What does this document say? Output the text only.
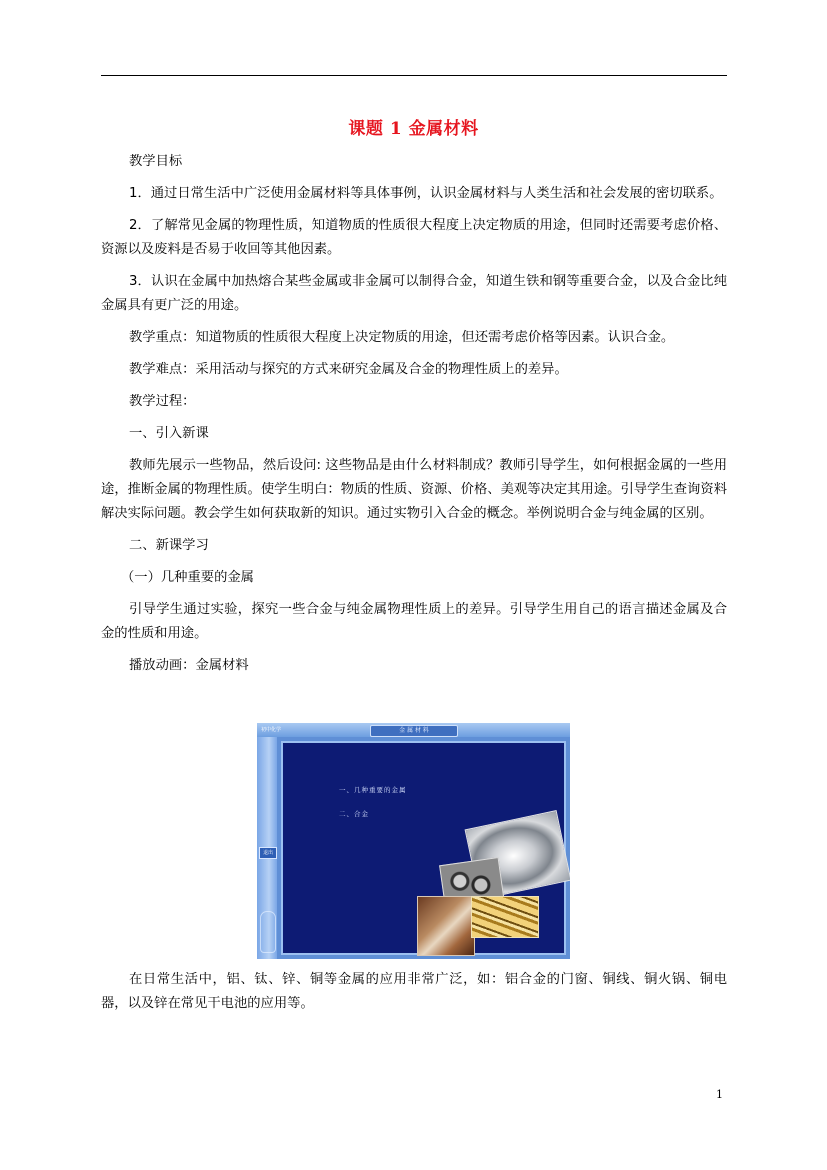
课题 1 金属材料

教学目标

1．通过日常生活中广泛使用金属材料等具体事例，认识金属材料与人类生活和社会发展的密切联系。

2．了解常见金属的物理性质，知道物质的性质很大程度上决定物质的用途，但同时还需要考虑价格、资源以及废料是否易于收回等其他因素。

3．认识在金属中加热熔合某些金属或非金属可以制得合金，知道生铁和钢等重要合金，以及合金比纯金属具有更广泛的用途。

教学重点：知道物质的性质很大程度上决定物质的用途，但还需考虑价格等因素。认识合金。

教学难点：采用活动与探究的方式来研究金属及合金的物理性质上的差异。

教学过程：

一、引入新课

教师先展示一些物品，然后设问: 这些物品是由什么材料制成？教师引导学生，如何根据金属的一些用途，推断金属的物理性质。使学生明白：物质的性质、资源、价格、美观等决定其用途。引导学生查询资料解决实际问题。教会学生如何获取新的知识。通过实物引入合金的概念。举例说明合金与纯金属的区别。

二、新课学习

（一）几种重要的金属

引导学生通过实验，探究一些合金与纯金属物理性质上的差异。引导学生用自己的语言描述金属及合金的性质和用途。

播放动画：金属材料

初中化学	金 属 材 料
退出
一、几种重要的金属
二、合金

在日常生活中，铝、钛、锌、铜等金属的应用非常广泛，如：铝合金的门窗、铜线、铜火锅、铜电器，以及锌在常见干电池的应用等。

1
